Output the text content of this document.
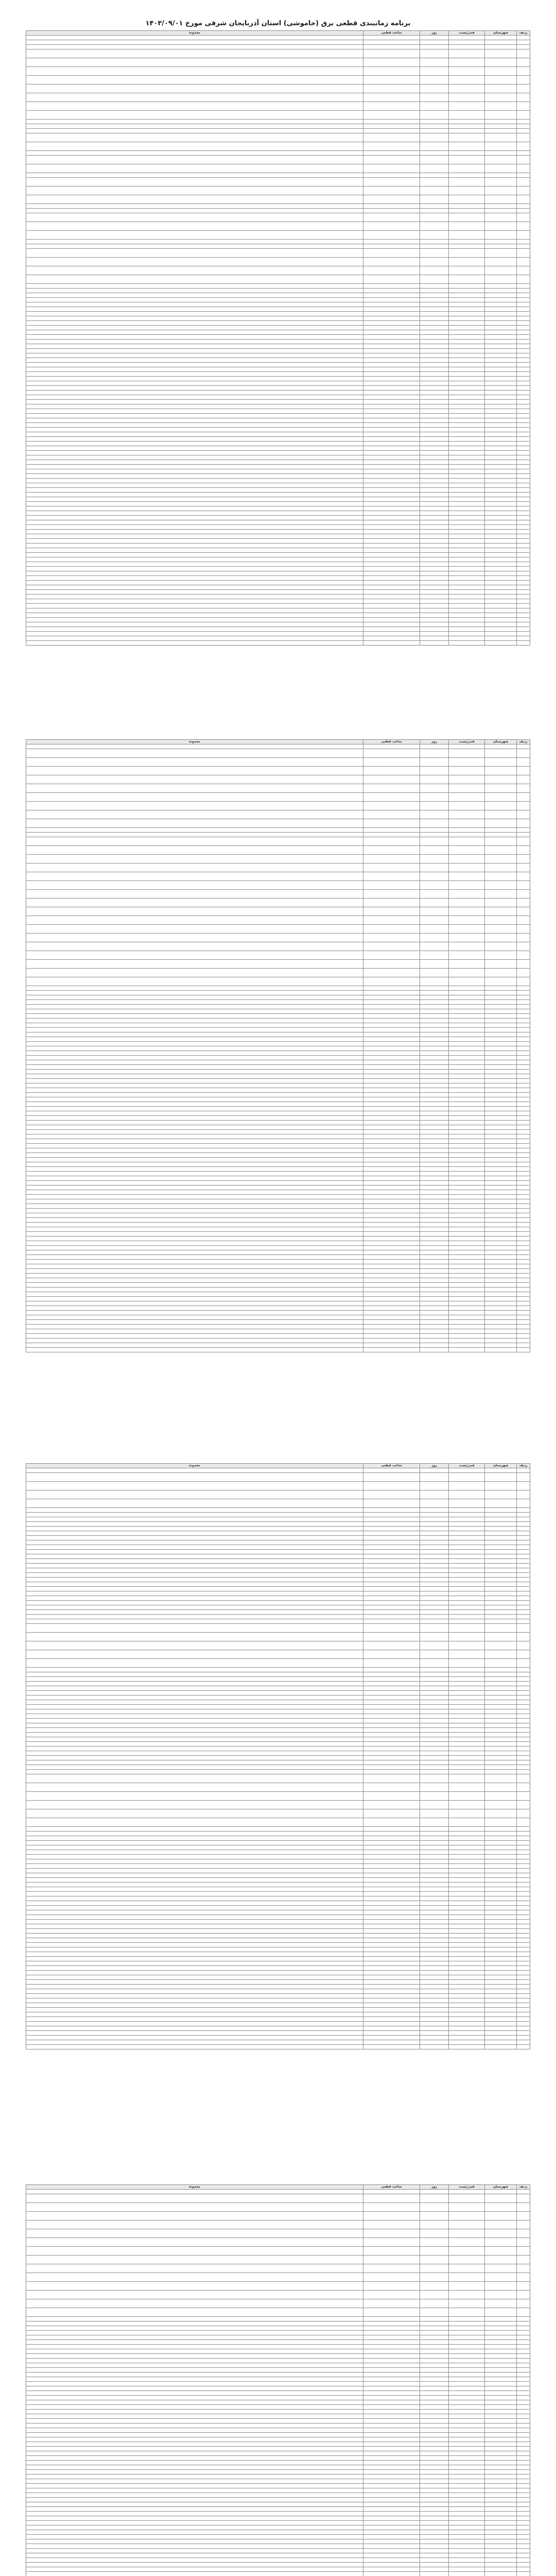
برنامه زمانبندی قطعی برق (خاموشی) استان آذربایجان شرقی مورخ ۱۴۰۳/۰۹/۰۱
ردیف	شهرستان	فیدر/پست	روز	ساعت قطعی	محدوده

ردیف	شهرستان	فیدر/پست	روز	ساعت قطعی	محدوده

ردیف	شهرستان	فیدر/پست	روز	ساعت قطعی	محدوده

ردیف	شهرستان	فیدر/پست	روز	ساعت قطعی	محدوده
